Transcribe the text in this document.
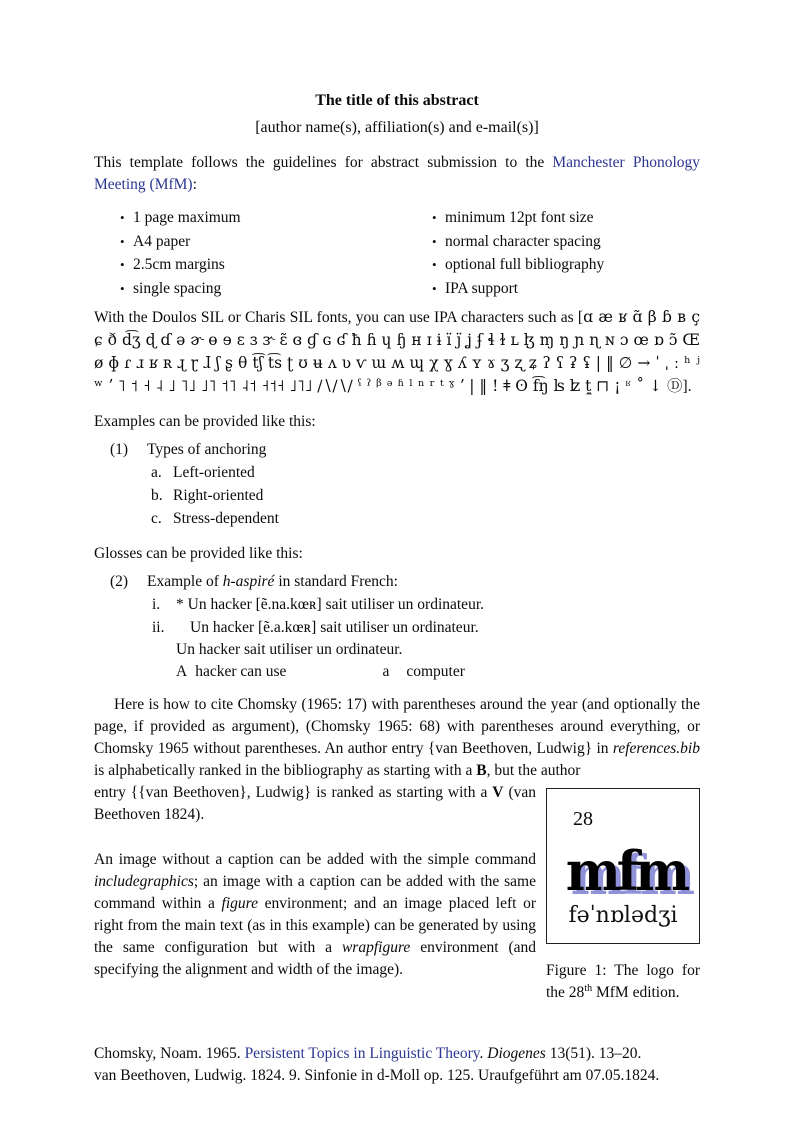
The title of this abstract
[author name(s), affiliation(s) and e-mail(s)]

This template follows the guidelines for abstract submission to the Manchester Phonology Meeting (MfM):

• 1 page maximum
• A4 paper
• 2.5cm margins
• single spacing
• minimum 12pt font size
• normal character spacing
• optional full bibliography
• IPA support

With the Doulos SIL or Charis SIL fonts, you can use IPA characters such as [ɑ æ ʁ ɑ̃ β ɓ ʙ ç ɕ ð d͡ʒ ɖ ɗ ə ɚ ɵ ɘ ɛ ɜ ɝ ɛ̃ ɞ ɠ ɢ ʛ ħ ɦ ɥ ɧ ʜ ɪ ɨ ï j̈ ʝ ʄ ɬ ɫ ʟ ɮ ɱ ŋ ɲ ɳ ɴ ɔ œ ɒ ɔ̃ Œ ø ɸ ɾ ɹ ʁ ʀ ɻ ɽ ɺ ʃ ʂ θ t͡ʃ t͡s ʈ ʊ ʉ ʌ ʋ ⱱ ɯ ʍ ɰ χ ɣ ʎ ʏ ɤ ʒ ʐ ʑ ʔ ʕ ʡ ʢ | ‖ ∅ → ˈ ˌ ː ʰ ʲ ʷ ʼ ˥ ˦ ˧ ˨ ˩ ˥˩ ˩˥ ˦˥ ˨˦ ˧˦˧ ˩˥˩ ∕∖∕∖∕ ˤ ˀ ᵝ ᵊ ʱ ˡ ⁿ ʳ ᵗ ˠ ʼ | ‖ ! ǂ ʘ f͡ŋ ʪ ʫ t̼ ⊓ ¡ ʶ ˚ ↓ Ⓓ].

Examples can be provided like this:

(1) Types of anchoring
a. Left-oriented
b. Right-oriented
c. Stress-dependent

Glosses can be provided like this:

(2) Example of h-aspiré in standard French:
i. * Un hacker [ẽ.na.kœʀ] sait utiliser un ordinateur.
ii. Un hacker [ẽ.a.kœʀ] sait utiliser un ordinateur.
Un hacker sait utiliser un ordinateur.
A hacker can use	a computer

Here is how to cite Chomsky (1965: 17) with parentheses around the year (and optionally the page, if provided as argument), (Chomsky 1965: 68) with parentheses around everything, or Chomsky 1965 without parentheses. An author entry {van Beethoven, Ludwig} in references.bib is alphabetically ranked in the bibliography as starting with a B, but the author

entry {{van Beethoven}, Ludwig} is ranked as starting with a V (van Beethoven 1824).

An image without a caption can be added with the simple command includegraphics; an image with a caption can be added with the same command within a figure environment; and an image placed left or right from the main text (as in this example) can be generated by using the same configuration but with a wrapfigure environment (and specifying the alignment and width of the image).

28
mfm
fəˈnɒlədʒi
Figure 1: The logo for the 28th MfM edition.

Chomsky, Noam. 1965. Persistent Topics in Linguistic Theory. Diogenes 13(51). 13–20.

van Beethoven, Ludwig. 1824. 9. Sinfonie in d-Moll op. 125. Uraufgeführt am 07.05.1824.
